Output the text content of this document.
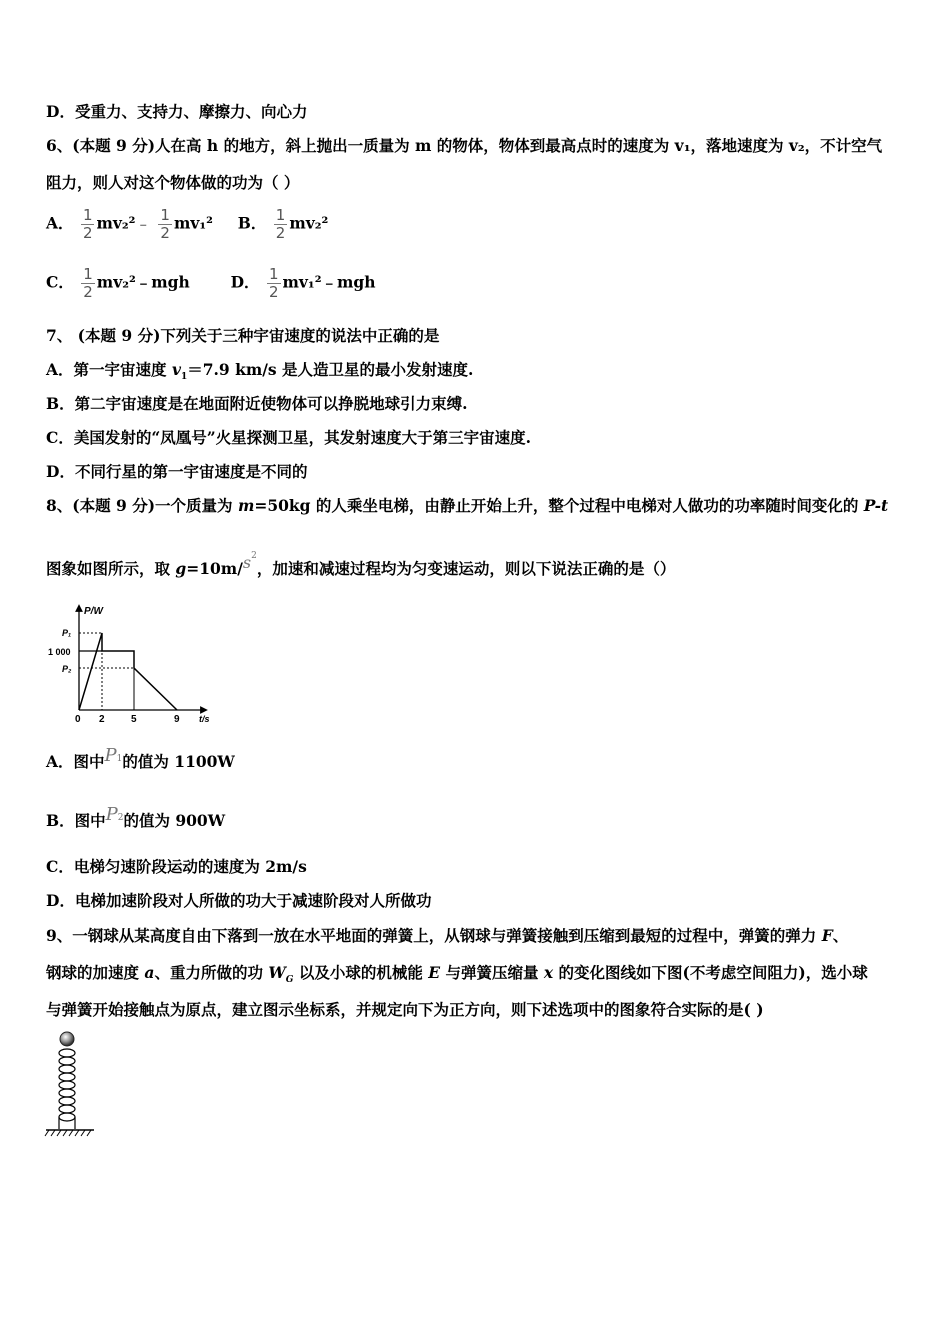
D．受重力、支持力、摩擦力、向心力
6、(本题 9 分)人在高 h 的地方，斜上抛出一质量为 m 的物体，物体到最高点时的速度为 v₁，落地速度为 v₂，不计空气
阻力，则人对这个物体做的功为（ ）
A． $\frac{1}{2}$ mv₂²﹣ $\frac{1}{2} mv_1^2$ B． $\frac{1}{2} mv_2^2$
C． $\frac{1}{2}$ mv₂²﹣mgh	D． $\frac{1}{2}$ mv₁²﹣mgh
7、 (本题 9 分)下列关于三种宇宙速度的说法中正确的是
A．第一宇宙速度 $v_1=7.9$ km/s 是人造卫星的最小发射速度.
B．第二宇宙速度是在地面附近使物体可以挣脱地球引力束缚.
C．美国发射的“凤凰号”火星探测卫星，其发射速度大于第三宇宙速度.
D．不同行星的第一宇宙速度是不同的
8、(本题 9 分)一个质量为 m=50kg 的人乘坐电梯，由静止开始上升，整个过程中电梯对人做功的功率随时间变化的 P-t
图象如图所示，取 $g=10m/s^2$，加速和减速过程均为匀变速运动，则以下说法正确的是（）
P/W
t/s
P₁
1 000
P₂
0 2	5	9
A．图中P1的值为 1100W
B．图中P2的值为 900W
C．电梯匀速阶段运动的速度为 2m/s
D．电梯加速阶段对人所做的功大于减速阶段对人所做功
9、一钢球从某高度自由下落到一放在水平地面的弹簧上，从钢球与弹簧接触到压缩到最短的过程中，弹簧的弹力 F、
钢球的加速度 a、重力所做的功 $W_G$ 以及小球的机械能 E 与弹簧压缩量 x 的变化图线如下图(不考虑空间阻力)，选小球
与弹簧开始接触点为原点，建立图示坐标系，并规定向下为正方向，则下述选项中的图象符合实际的是( )
